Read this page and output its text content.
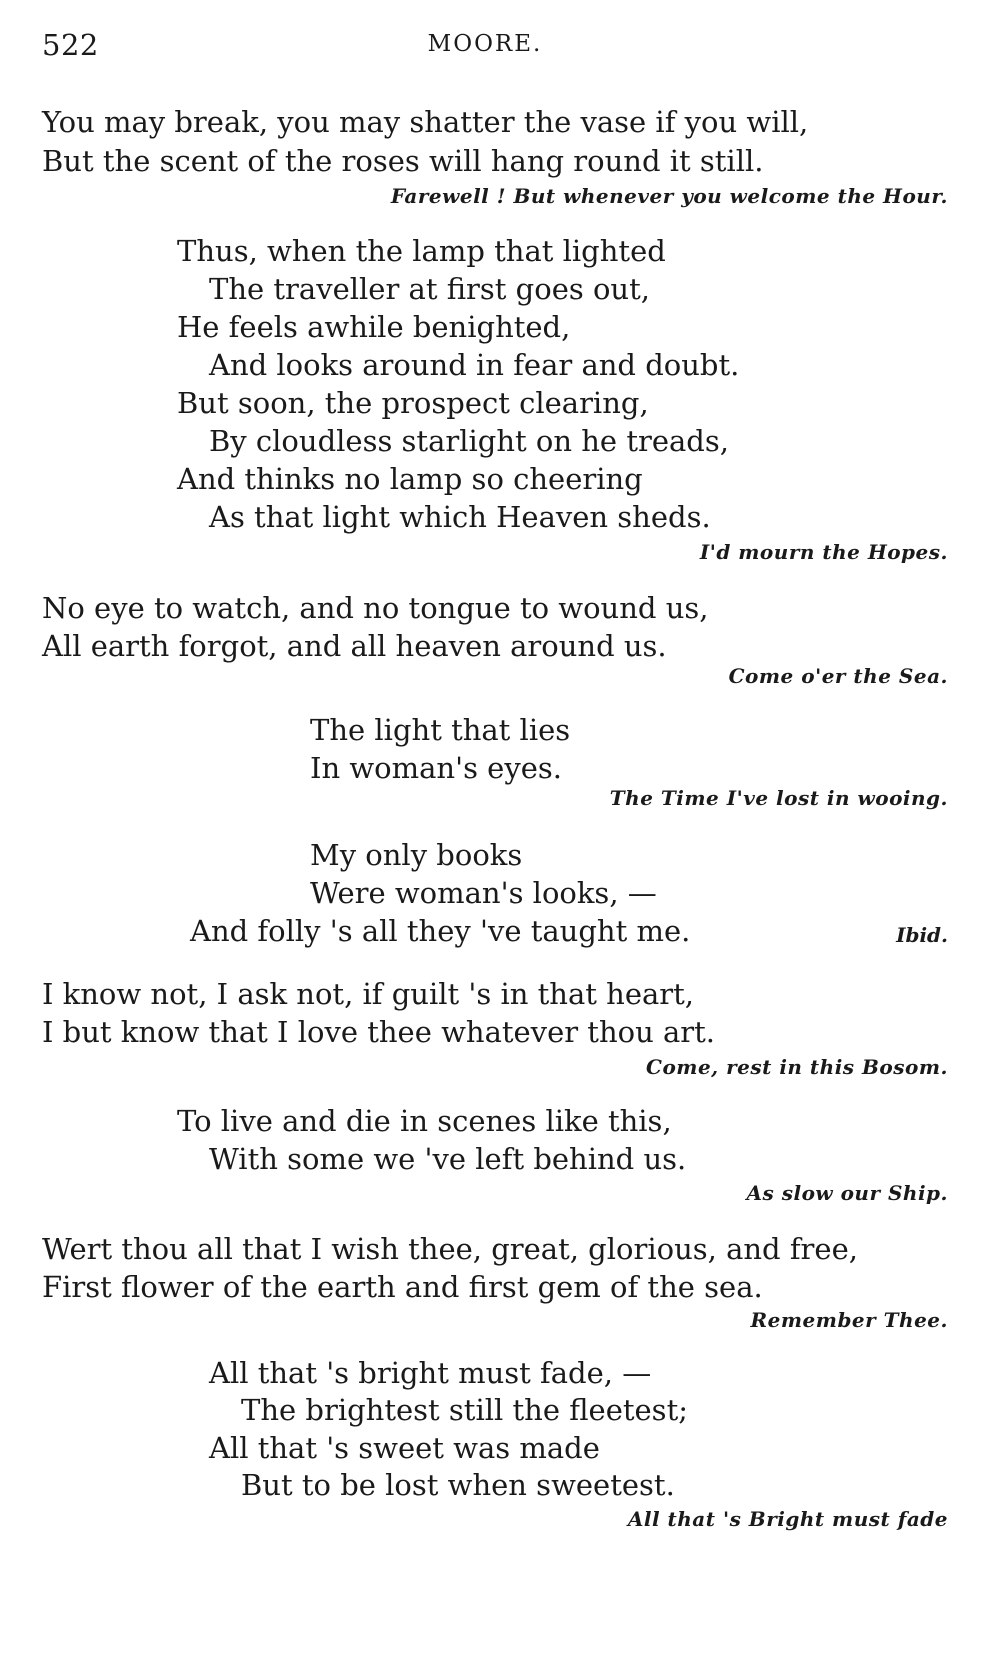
522	MOORE.
You may break, you may shatter the vase if you will,
But the scent of the roses will hang round it still.
Farewell ! But whenever you welcome the Hour.
Thus, when the lamp that lighted
The traveller at first goes out,
He feels awhile benighted,
And looks around in fear and doubt.
But soon, the prospect clearing,
By cloudless starlight on he treads,
And thinks no lamp so cheering
As that light which Heaven sheds.
I'd mourn the Hopes.
No eye to watch, and no tongue to wound us,
All earth forgot, and all heaven around us.
Come o'er the Sea.
The light that lies
In woman's eyes.
The Time I've lost in wooing.
My only books
Were woman's looks, —
And folly 's all they 've taught me.	Ibid.
I know not, I ask not, if guilt 's in that heart,
I but know that I love thee whatever thou art.
Come, rest in this Bosom.
To live and die in scenes like this,
With some we 've left behind us.
As slow our Ship.
Wert thou all that I wish thee, great, glorious, and free,
First flower of the earth and first gem of the sea.
Remember Thee.
All that 's bright must fade, —
The brightest still the fleetest;
All that 's sweet was made
But to be lost when sweetest.
All that 's Bright must fade
